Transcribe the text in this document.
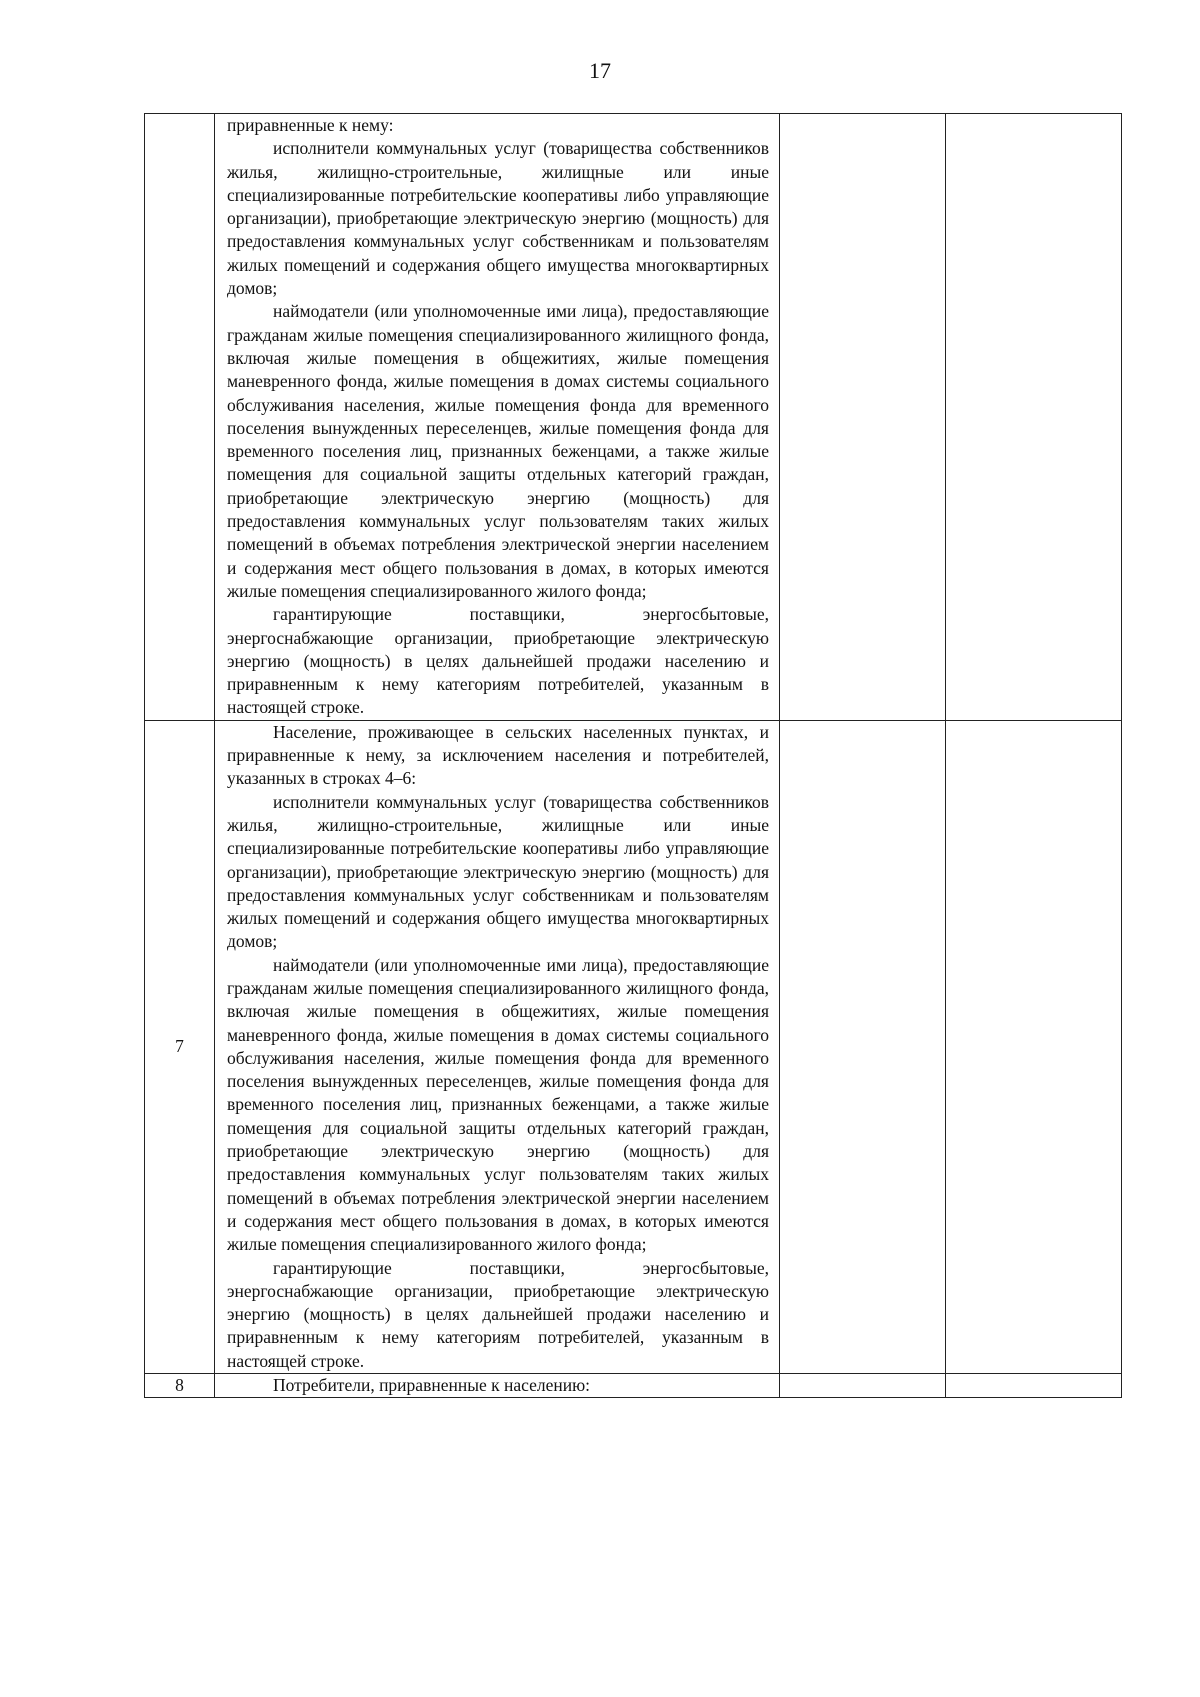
17

	приравненные к нему:

исполнители коммунальных услуг (товарищества собственников жилья, жилищно-строительные, жилищные или иные специализированные потребительские кооперативы либо управляющие организации), приобретающие электрическую энергию (мощность) для предоставления коммунальных услуг собственникам и пользователям жилых помещений и содержания общего имущества многоквартирных домов;

наймодатели (или уполномоченные ими лица), предоставляющие гражданам жилые помещения специализированного жилищного фонда, включая жилые помещения в общежитиях, жилые помещения маневренного фонда, жилые помещения в домах системы социального обслуживания населения, жилые помещения фонда для временного поселения вынужденных переселенцев, жилые помещения фонда для временного поселения лиц, признанных беженцами, а также жилые помещения для социальной защиты отдельных категорий граждан, приобретающие электрическую энергию (мощность) для предоставления коммунальных услуг пользователям таких жилых помещений в объемах потребления электрической энергии населением и содержания мест общего пользования в домах, в которых имеются жилые помещения специализированного жилого фонда;

гарантирующие поставщики, энергосбытовые, энергоснабжающие организации, приобретающие электрическую энергию (мощность) в целях дальнейшей продажи населению и приравненным к нему категориям потребителей, указанным в настоящей строке.		

7	Население, проживающее в сельских населенных пунктах, и приравненные к нему, за исключением населения и потребителей, указанных в строках 4–6:

исполнители коммунальных услуг (товарищества собственников жилья, жилищно-строительные, жилищные или иные специализированные потребительские кооперативы либо управляющие организации), приобретающие электрическую энергию (мощность) для предоставления коммунальных услуг собственникам и пользователям жилых помещений и содержания общего имущества многоквартирных домов;

наймодатели (или уполномоченные ими лица), предоставляющие гражданам жилые помещения специализированного жилищного фонда, включая жилые помещения в общежитиях, жилые помещения маневренного фонда, жилые помещения в домах системы социального обслуживания населения, жилые помещения фонда для временного поселения вынужденных переселенцев, жилые помещения фонда для временного поселения лиц, признанных беженцами, а также жилые помещения для социальной защиты отдельных категорий граждан, приобретающие электрическую энергию (мощность) для предоставления коммунальных услуг пользователям таких жилых помещений в объемах потребления электрической энергии населением и содержания мест общего пользования в домах, в которых имеются жилые помещения специализированного жилого фонда;

гарантирующие поставщики, энергосбытовые, энергоснабжающие организации, приобретающие электрическую энергию (мощность) в целях дальнейшей продажи населению и приравненным к нему категориям потребителей, указанным в настоящей строке.		

8	Потребители, приравненные к населению:		
